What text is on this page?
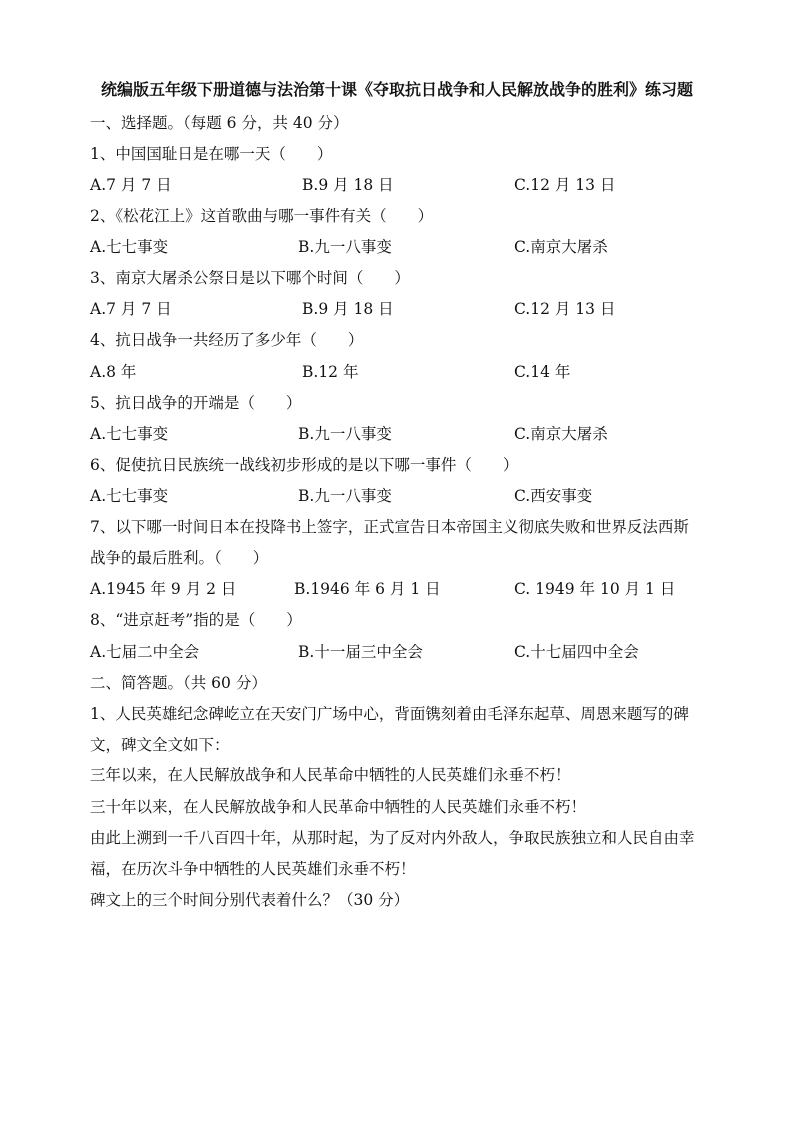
统编版五年级下册道德与法治第十课《夺取抗日战争和人民解放战争的胜利》练习题
一、选择题。（每题 6 分，共 40 分）
1、中国国耻日是在哪一天（　　）
A.7 月 7 日	B.9 月 18 日	C.12 月 13 日
2、《松花江上》这首歌曲与哪一事件有关（　　）
A.七七事变	B.九一八事变	C.南京大屠杀
3、南京大屠杀公祭日是以下哪个时间（　　）
A.7 月 7 日	B.9 月 18 日	C.12 月 13 日
4、抗日战争一共经历了多少年（　　）
A.8 年	B.12 年	C.14 年
5、抗日战争的开端是（　　）
A.七七事变	B.九一八事变	C.南京大屠杀
6、促使抗日民族统一战线初步形成的是以下哪一事件（　　）
A.七七事变	B.九一八事变	C.西安事变
7、以下哪一时间日本在投降书上签字，正式宣告日本帝国主义彻底失败和世界反法西斯
战争的最后胜利。（　　）
A.1945 年 9 月 2 日	B.1946 年 6 月 1 日	C. 1949 年 10 月 1 日
8、“进京赶考”指的是（　　）
A.七届二中全会	B.十一届三中全会	C.十七届四中全会
二、简答题。（共 60 分）
1、人民英雄纪念碑屹立在天安门广场中心，背面镌刻着由毛泽东起草、周恩来题写的碑文，碑文全文如下：
三年以来，在人民解放战争和人民革命中牺牲的人民英雄们永垂不朽！
三十年以来，在人民解放战争和人民革命中牺牲的人民英雄们永垂不朽！
由此上溯到一千八百四十年，从那时起，为了反对内外敌人，争取民族独立和人民自由幸福，在历次斗争中牺牲的人民英雄们永垂不朽！
碑文上的三个时间分别代表着什么？（30 分）
